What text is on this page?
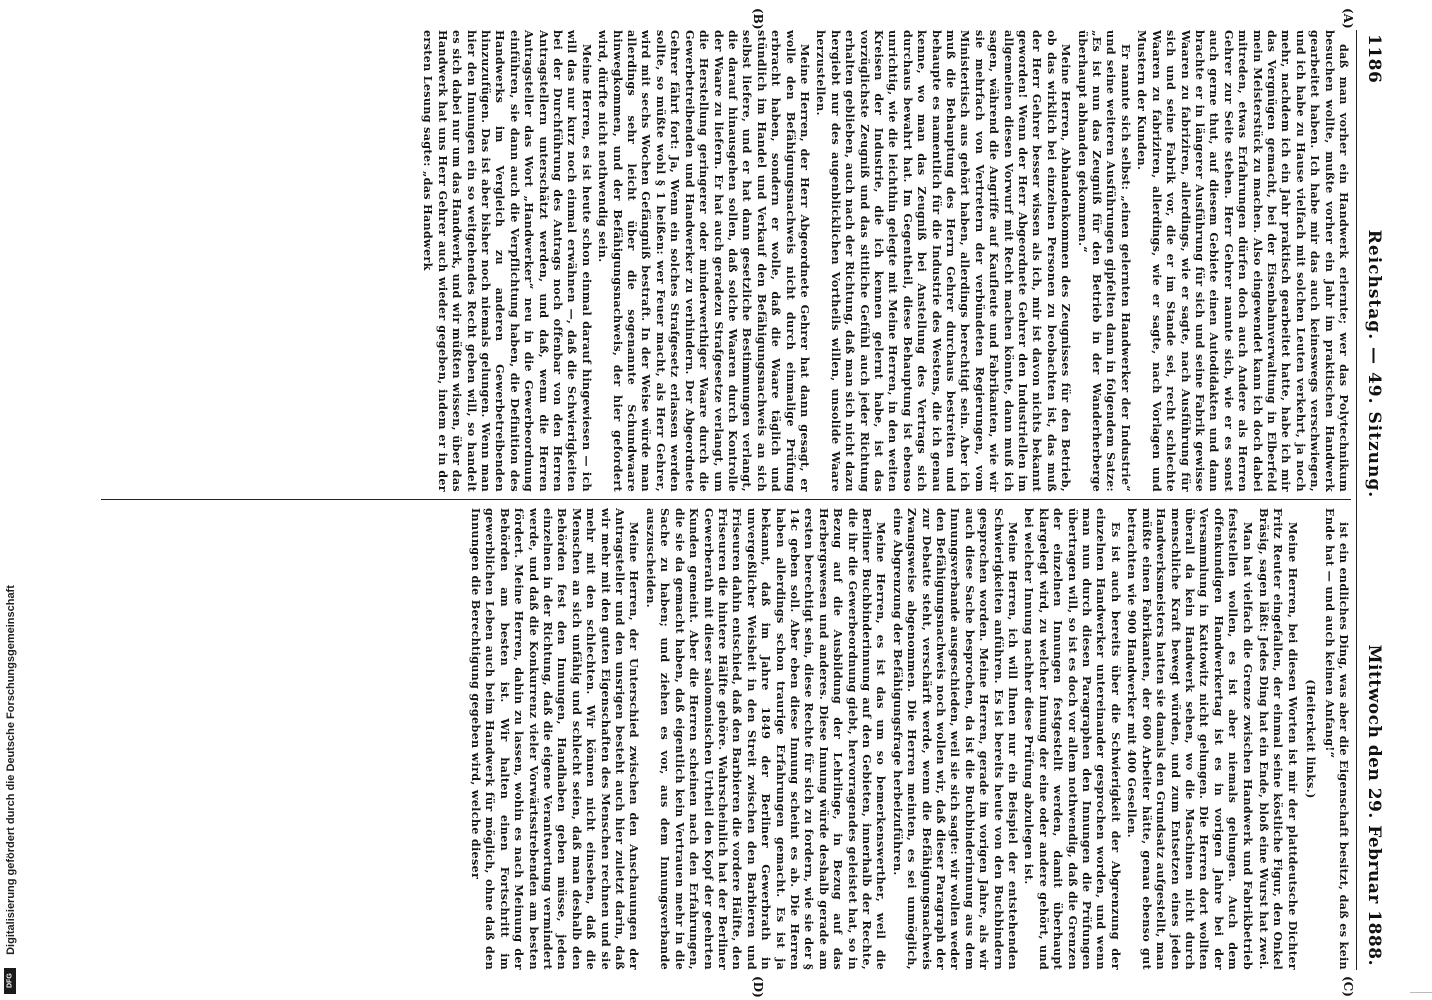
1186
Reichstag. — 49. Sitzung.
Mittwoch den 29. Februar 1888.
(A)
(B)
(C)
(D)

daß man vorher ein Handwerk erlernte; wer das Polytechnikum besuchen wollte, mußte vorher ein Jahr im praktischen Handwerk gearbeitet haben. Ich habe mir das auch keineswegs verschwiegen, und ich habe zu Hause vielfach mit solchen Leuten verkehrt, ja noch mehr, nachdem ich ein Jahr praktisch gearbeitet hatte, habe ich mir das Vergnügen gemacht, bei der Eisenbahnverwaltung in Elberfeld mein Meisterstück zu machen. Also eingewendet kann ich doch dabei mitreden, etwas Erfahrungen dürfen doch auch Andere als Herren Gehrer zur Seite stehen. Herr Gehrer nannte sich, wie er es sonst auch gerne thut, auf diesem Gebiete einen Autodidakten und dann brachte er in längerer Ausführung für sich und seine Fabrik gewisse Waaren zu fabriziren, allerdings, wie er sagte, nach Ausführung für sich und seine Fabrik vor, die er im Stande sei, recht schlechte Waaren zu fabriziren, allerdings, wie er sagte, nach Vorlagen und Mustern der Kunden.

Er nannte sich selbst: „einen gelernten Handwerker der Industrie“ und seine weiteren Ausführungen gipfelten dann in folgendem Satze: „Es ist nun das Zeugniß für den Betrieb in der Wanderherberge überhaupt abhanden gekommen.“

Meine Herren, Abhandenkommen des Zeugnisses für den Betrieb, ob das wirklich bei einzelnen Personen zu beobachten ist, das muß der Herr Gehrer besser wissen als ich, mir ist davon nichts bekannt geworden! Wenn der Herr Abgeordnete Gehrer den Industriellen im allgemeinen diesen Vorwurf mit Recht machen könnte, dann muß ich sagen, während die Angriffe auf Kaufleute und Fabrikanten, wie wir sie mehrfach von Vertretern der verbündeten Regierungen, vom Ministertisch aus gehört haben, allerdings berechtigt sein. Aber ich muß die Behauptung des Herrn Gehrer durchaus bestreiten und behaupte es namentlich für die Industrie des Westens, die ich genau kenne, wo man das Zeugniß bei Anstellung des Vertrags sich durchaus bewahrt hat. Im Gegentheil, diese Behauptung ist ebenso unrichtig, wie die leichthin gelegte mit Meine Herren, in den weiten Kreisen der Industrie, die ich kennen gelernt habe, ist das vorzüglichste Zeugniß und das sittliche Gefühl auch jeder Richtung erhalten geblieben, auch nach der Richtung, daß man sich nicht dazu hergiebt nur des augenblicklichen Vortheils willen, unsolide Waare herzustellen.

Meine Herren, der Herr Abgeordnete Gehrer hat dann gesagt, er wolle den Befähigungsnachweis nicht durch einmalige Prüfung erbracht haben, sondern er wolle, daß die Waare täglich und stündlich im Handel und Verkauf den Befähigungsnachweis an sich selbst liefere, und er hat dann gesetzliche Bestimmungen verlangt, die darauf hinausgehen sollen, daß solche Waaren durch Kontrolle der Waare zu liefern. Er hat auch geradezu Strafgesetze verlangt, um die Herstellung geringerer oder minderwerthiger Waare durch die Gewerbetreibenden und Handwerker zu verhindern. Der Abgeordnete Gehrer fährt fort: Ja, Wenn ein solches Strafgesetz erlassen werden sollte, so müßte wohl § 1 heißen: wer Feuer macht, als Herr Gehrer, wird mit sechs Wochen Gefängniß bestraft. In der Weise würde man allerdings sehr leicht über die sogenannte Schundwaare hinwegkommen, und der Befähigungsnachweis, der hier gefordert wird, dürfte nicht nothwendig sein.

Meine Herren, es ist heute schon einmal darauf hingewiesen — ich will das nur kurz noch einmal erwähnen —, daß die Schwierigkeiten bei der Durchführung des Antrags noch offenbar von den Herren Antragstellern unterschätzt werden, und daß, wenn die Herren Antragsteller das Wort „Handwerker“ neu in die Gewerbeordnung einführen, sie dann auch die Verpflichtung haben, die Definition des Handwerks im Vergleich zu anderen Gewerbetreibenden hinzuzufügen. Das ist aber bisher noch niemals gelungen. Wenn man hier den Innungen ein so weitgehendes Recht geben will, so handelt es sich dabei nur um das Handwerk, und wir müßten wissen, über das Handwerk hat uns Herr Gehrer auch wieder gegeben, indem er in der ersten Lesung sagte: „das Handwerk

ist ein endliches Ding, was aber die Eigenschaft besitzt, daß es kein Ende hat — und auch keinen Anfang!“

(Heiterkeit links.)

Meine Herren, bei diesen Worten ist mir der plattdeutsche Dichter Fritz Reuter eingefallen, der einmal seine köstliche Figur, den Onkel Bräsig, sagen läßt: Jedes Ding hat ein Ende, bloß eine Wurst hat zwei.

Man hat vielfach die Grenze zwischen Handwerk und Fabrikbetrieb feststellen wollen, es ist aber niemals gelungen. Auch dem offenkundigen Handwerkertag ist es in vorigen Jahre bei der Versammlung in Kattowitz nicht gelungen. Die Herren dort wollten überall da kein Handwerk sehen, wo die Maschinen nicht durch menschliche Kraft bewegt würden, und zum Entsetzen eines jeden Handwerksmeisters hatten sie damals den Grundsatz aufgestellt, man müßte einen Fabrikanten, der 600 Arbeiter hätte, genau ebenso gut betrachten wie 900 Handwerker mit 400 Gesellen.

Es ist auch bereits über die Schwierigkeit der Abgrenzung der einzelnen Handwerker untereinander gesprochen worden, und wenn man nun durch diesen Paragraphen den Innungen die Prüfungen übertragen will, so ist es doch vor allem nothwendig, daß die Grenzen der einzelnen Innungen festgestellt werden, damit überhaupt klargelegt wird, zu welcher Innung der eine oder andere gehört, und bei welcher Innung nachher diese Prüfung abzulegen ist.

Meine Herren, ich will Ihnen nur ein Beispiel der entstehenden Schwierigkeiten anführen. Es ist bereits heute von den Buchbindern gesprochen worden. Meine Herren, gerade im vorigen Jahre, als wir auch diese Sache besprochen, da ist die Buchbinderinnung aus dem Innungsverbande ausgeschieden, weil sie sich sagte: wir wollen weder den Befähigungsnachweis noch wollen wir, daß dieser Paragraph der zur Debatte steht, verschärft werde, wenn die Befähigungsnachweis Zwangsweise abgenommen. Die Herren meinten, es sei unmöglich, eine Abgrenzung der Befähigungsfrage herbeizuführen.

Meine Herren, es ist das um so bemerkenswerther, weil die Berliner Buchbinderinnung auf den Gebieten, innerhalb der Rechte, die ihr die Gewerbeordnung giebt, hervorragendes geleistet hat, so in Bezug auf die Ausbildung der Lehrlinge, in Bezug auf das Herbergswesen und anderes. Diese Innung würde deshalb gerade am ersten berechtigt sein, diese Rechte für sich zu fordern, wie sie der § 14c geben soll. Aber eben diese Innung scheint es ab. Die Herren haben allerdings schon traurige Erfahrungen gemacht. Es ist ja bekannt, daß im Jahre 1849 der Berliner Gewerbrath in unvergeßlicher Weisheit in den Streit zwischen den Barbieren und Friseuren dahin entschied, daß den Barbieren die vordere Hälfte, den Friseuren die hintere Hälfte gehöre. Wahrscheinlich hat der Berliner Gewerberath mit dieser salomonischen Urtheil den Kopf der geehrten Kunden gemeint. Aber die Herren scheinen nach den Erfahrungen, die sie da gemacht haben, daß eigentlich kein Vertrauen mehr in die Sache zu haben; und ziehen es vor, aus dem Innungsverbande auszuscheiden.

Meine Herren, der Unterschied zwischen den Anschauungen der Antragsteller und den unsrigen besteht auch hier zuletzt darin, daß wir mehr mit den guten Eigenschaften des Menschen rechnen und sie mehr mit den schlechten. Wir können nicht einsehen, daß die Menschen an sich unfähig und schlecht seien, daß man deshalb den Behörden fest den Innungen, Handhaben geben müsse, jeden einzelnen in der Richtung, daß die eigene Verantwortung vermindert werde, und daß die Konkurrenz vieler Vorwärtsstrebenden am besten fördert. Meine Herren, dahin zu lassen, wohin es nach Meinung der Behörden am besten ist. Wir halten einen Fortschritt im gewerblichen Leben auch beim Handwerk für möglich, ohne daß den Innungen die Berechtigung gegeben wird, welche dieser

Digitalisierung gefördert durch die Deutsche Forschungsgemeinschaft
DFG
